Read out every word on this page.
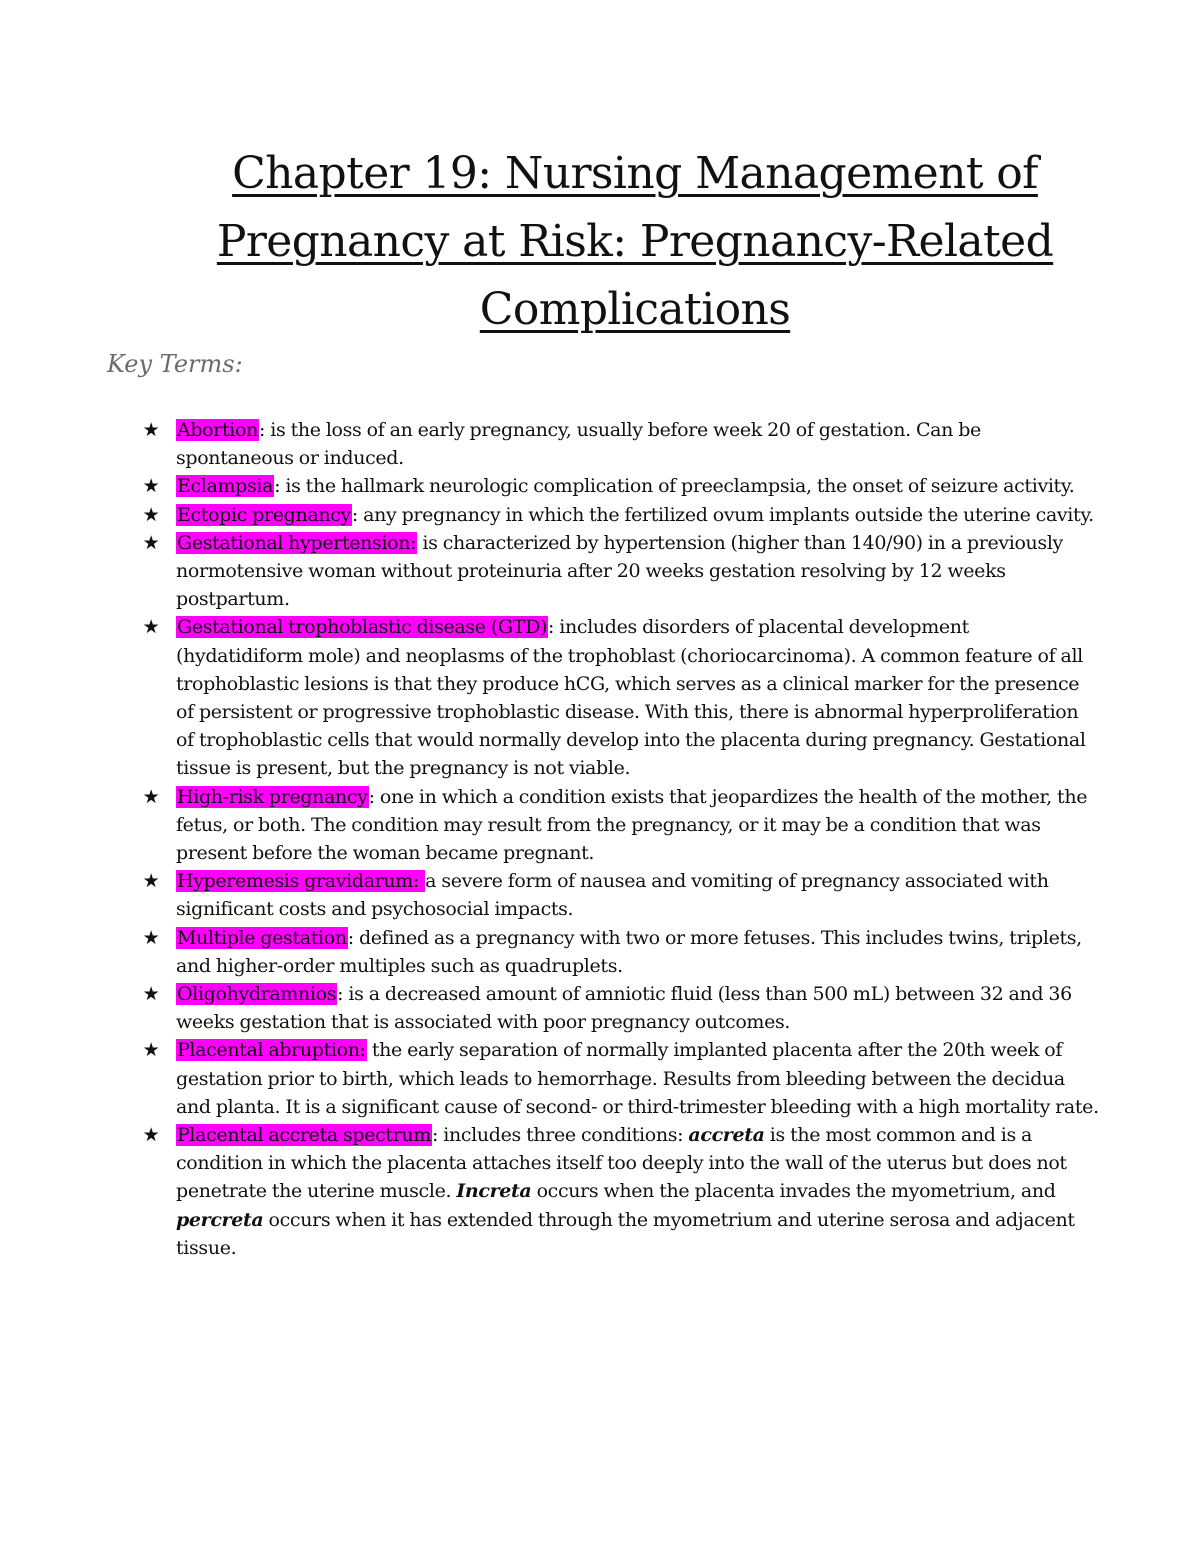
Chapter 19: Nursing Management of Pregnancy at Risk: Pregnancy-Related Complications
Key Terms:
★ Abortion: is the loss of an early pregnancy, usually before week 20 of gestation. Can be spontaneous or induced.
★ Eclampsia: is the hallmark neurologic complication of preeclampsia, the onset of seizure activity.
★ Ectopic pregnancy: any pregnancy in which the fertilized ovum implants outside the uterine cavity.
★ Gestational hypertension: is characterized by hypertension (higher than 140/90) in a previously normotensive woman without proteinuria after 20 weeks gestation resolving by 12 weeks postpartum.
★ Gestational trophoblastic disease (GTD): includes disorders of placental development (hydatidiform mole) and neoplasms of the trophoblast (choriocarcinoma). A common feature of all trophoblastic lesions is that they produce hCG, which serves as a clinical marker for the presence of persistent or progressive trophoblastic disease. With this, there is abnormal hyperproliferation of trophoblastic cells that would normally develop into the placenta during pregnancy. Gestational tissue is present, but the pregnancy is not viable.
★ High-risk pregnancy: one in which a condition exists that jeopardizes the health of the mother, the fetus, or both. The condition may result from the pregnancy, or it may be a condition that was present before the woman became pregnant.
★ Hyperemesis gravidarum: a severe form of nausea and vomiting of pregnancy associated with significant costs and psychosocial impacts.
★ Multiple gestation: defined as a pregnancy with two or more fetuses. This includes twins, triplets, and higher-order multiples such as quadruplets.
★ Oligohydramnios: is a decreased amount of amniotic fluid (less than 500 mL) between 32 and 36 weeks gestation that is associated with poor pregnancy outcomes.
★ Placental abruption: the early separation of normally implanted placenta after the 20th week of gestation prior to birth, which leads to hemorrhage. Results from bleeding between the decidua and planta. It is a significant cause of second- or third-trimester bleeding with a high mortality rate.
★ Placental accreta spectrum: includes three conditions: accreta is the most common and is a condition in which the placenta attaches itself too deeply into the wall of the uterus but does not penetrate the uterine muscle. Increta occurs when the placenta invades the myometrium, and percreta occurs when it has extended through the myometrium and uterine serosa and adjacent tissue.
